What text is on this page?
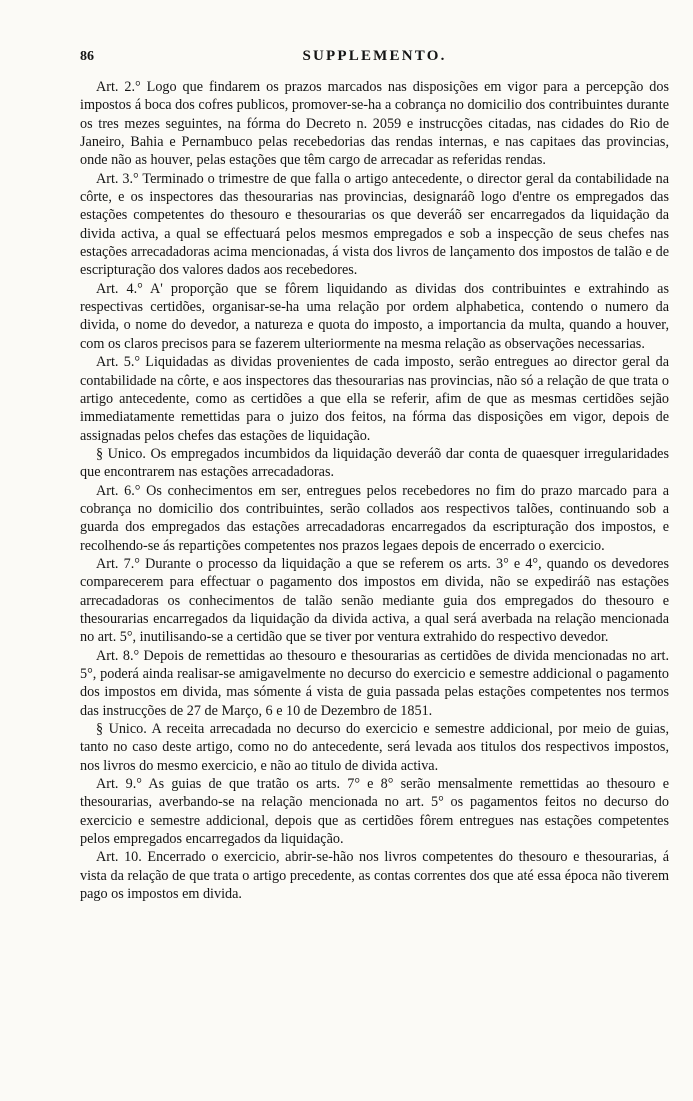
86	SUPPLEMENTO.

Art. 2.° Logo que findarem os prazos marcados nas disposições em vigor para a percepção dos impostos á boca dos cofres publicos, promover-se-ha a cobrança no domicilio dos contribuintes durante os tres mezes seguintes, na fórma do Decreto n. 2059 e instrucções citadas, nas cidades do Rio de Janeiro, Bahia e Pernambuco pelas recebedorias das rendas internas, e nas capitaes das provincias, onde não as houver, pelas estações que têm cargo de arrecadar as referidas rendas.

Art. 3.° Terminado o trimestre de que falla o artigo antecedente, o director geral da contabilidade na côrte, e os inspectores das thesourarias nas provincias, designaráõ logo d'entre os empregados das estações competentes do thesouro e thesourarias os que deveráõ ser encarregados da liquidação da divida activa, a qual se effectuará pelos mesmos empregados e sob a inspecção de seus chefes nas estações arrecadadoras acima mencionadas, á vista dos livros de lançamento dos impostos de talão e de escripturação dos valores dados aos recebedores.

Art. 4.° A' proporção que se fôrem liquidando as dividas dos contribuintes e extrahindo as respectivas certidões, organisar-se-ha uma relação por ordem alphabetica, contendo o numero da divida, o nome do devedor, a natureza e quota do imposto, a importancia da multa, quando a houver, com os claros precisos para se fazerem ulteriormente na mesma relação as observações necessarias.

Art. 5.° Liquidadas as dividas provenientes de cada imposto, serão entregues ao director geral da contabilidade na côrte, e aos inspectores das thesourarias nas provincias, não só a relação de que trata o artigo antecedente, como as certidões a que ella se referir, afim de que as mesmas certidões sejão immediatamente remettidas para o juizo dos feitos, na fórma das disposições em vigor, depois de assignadas pelos chefes das estações de liquidação.

§ Unico. Os empregados incumbidos da liquidação deveráõ dar conta de quaesquer irregularidades que encontrarem nas estações arrecadadoras.

Art. 6.° Os conhecimentos em ser, entregues pelos recebedores no fim do prazo marcado para a cobrança no domicilio dos contribuintes, serão collados aos respectivos talões, continuando sob a guarda dos empregados das estações arrecadadoras encarregados da escripturação dos impostos, e recolhendo-se ás repartições competentes nos prazos legaes depois de encerrado o exercicio.

Art. 7.° Durante o processo da liquidação a que se referem os arts. 3° e 4°, quando os devedores comparecerem para effectuar o pagamento dos impostos em divida, não se expediráõ nas estações arrecadadoras os conhecimentos de talão senão mediante guia dos empregados do thesouro e thesourarias encarregados da liquidação da divida activa, a qual será averbada na relação mencionada no art. 5°, inutilisando-se a certidão que se tiver por ventura extrahido do respectivo devedor.

Art. 8.° Depois de remettidas ao thesouro e thesourarias as certidões de divida mencionadas no art. 5°, poderá ainda realisar-se amigavelmente no decurso do exercicio e semestre addicional o pagamento dos impostos em divida, mas sómente á vista de guia passada pelas estações competentes nos termos das instrucções de 27 de Março, 6 e 10 de Dezembro de 1851.

§ Unico. A receita arrecadada no decurso do exercicio e semestre addicional, por meio de guias, tanto no caso deste artigo, como no do antecedente, será levada aos titulos dos respectivos impostos, nos livros do mesmo exercicio, e não ao titulo de divida activa.

Art. 9.° As guias de que tratão os arts. 7° e 8° serão mensalmente remettidas ao thesouro e thesourarias, averbando-se na relação mencionada no art. 5° os pagamentos feitos no decurso do exercicio e semestre addicional, depois que as certidões fôrem entregues nas estações competentes pelos empregados encarregados da liquidação.

Art. 10. Encerrado o exercicio, abrir-se-hão nos livros competentes do thesouro e thesourarias, á vista da relação de que trata o artigo precedente, as contas correntes dos que até essa época não tiverem pago os impostos em divida.
